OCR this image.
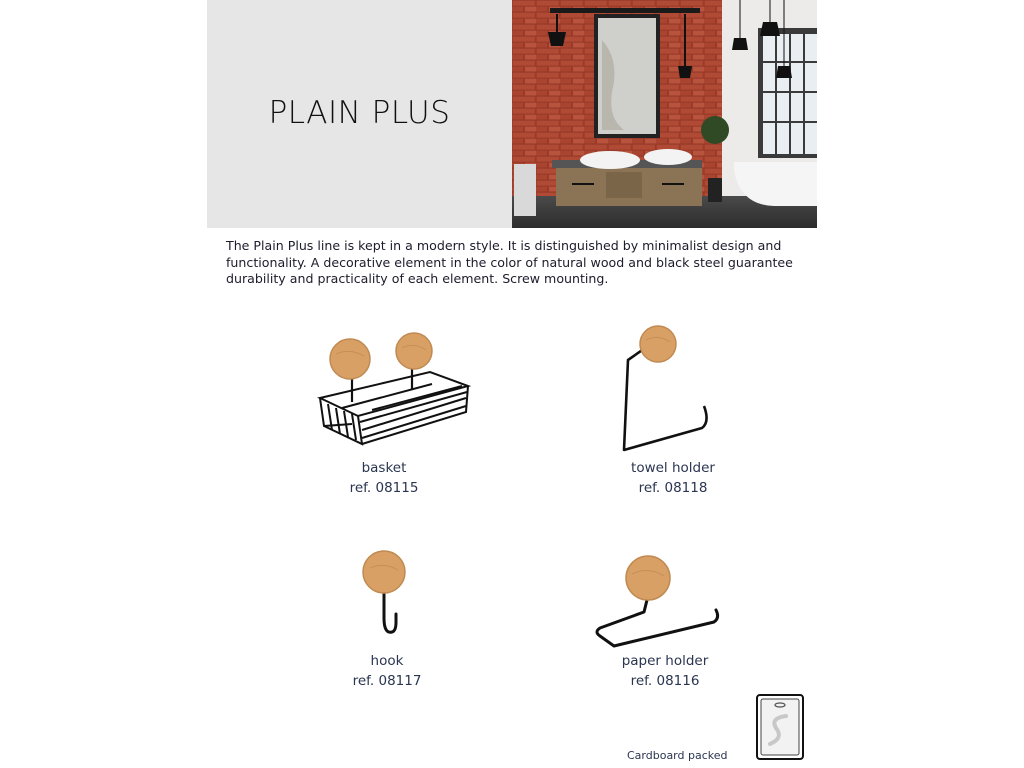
PLAIN PLUS
The Plain Plus line is kept in a modern style. It is distinguished by minimalist design and functionality. A decorative element in the color of natural wood and black steel guarantee durability and practicality of each element. Screw mounting.
basket
ref. 08115
towel holder
ref. 08118
hook
ref. 08117
paper holder
ref. 08116
Cardboard packed
